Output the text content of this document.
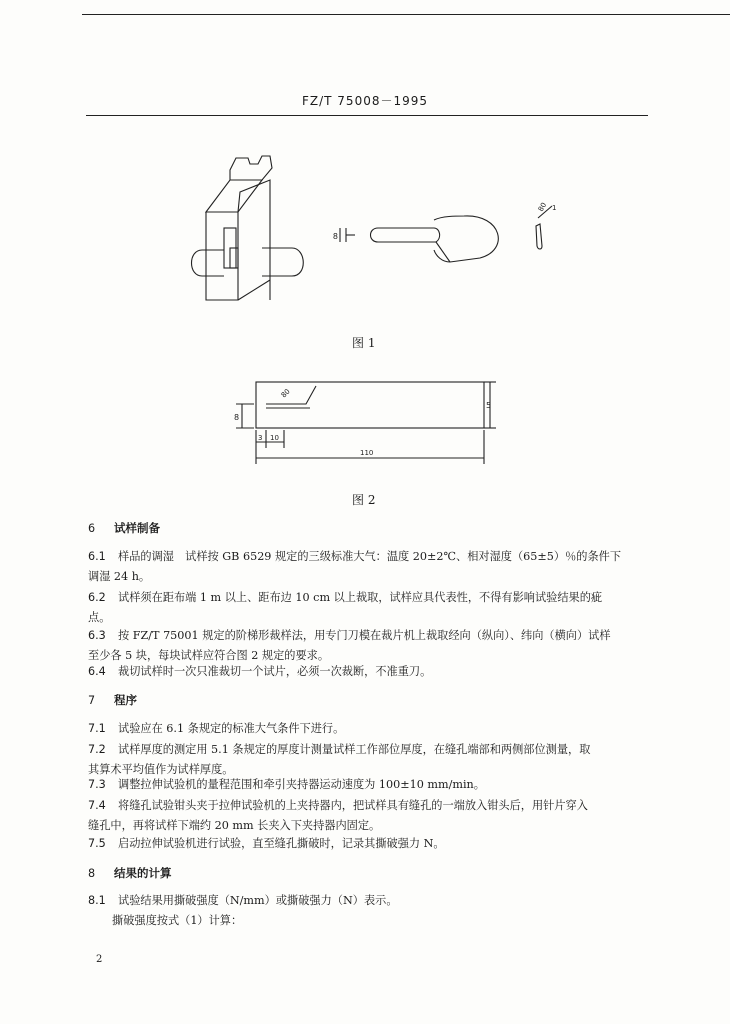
FZ/T 75008－1995
8
80 1
图 1
8
5
80
3 10
110
图 2
6 试样制备
6.1 样品的调湿　试样按 GB 6529 规定的三级标准大气：温度 20±2℃、相对湿度（65±5）％的条件下
调湿 24 h。
6.2 试样须在距布端 1 m 以上、距布边 10 cm 以上裁取，试样应具代表性，不得有影响试验结果的疵
点。
6.3 按 FZ/T 75001 规定的阶梯形裁样法，用专门刀模在裁片机上裁取经向（纵向）、纬向（横向）试样
至少各 5 块，每块试样应符合图 2 规定的要求。
6.4 裁切试样时一次只准裁切一个试片，必须一次裁断，不准重刀。
7 程序
7.1 试验应在 6.1 条规定的标准大气条件下进行。
7.2 试样厚度的测定用 5.1 条规定的厚度计测量试样工作部位厚度，在缝孔端部和两侧部位测量，取
其算术平均值作为试样厚度。
7.3 调整拉伸试验机的量程范围和牵引夹持器运动速度为 100±10 mm/min。
7.4 将缝孔试验钳头夹于拉伸试验机的上夹持器内，把试样具有缝孔的一端放入钳头后，用针片穿入
缝孔中，再将试样下端约 20 mm 长夹入下夹持器内固定。
7.5 启动拉伸试验机进行试验，直至缝孔撕破时，记录其撕破强力 N。
8 结果的计算
8.1 试验结果用撕破强度（N/mm）或撕破强力（N）表示。
撕破强度按式（1）计算：
2
